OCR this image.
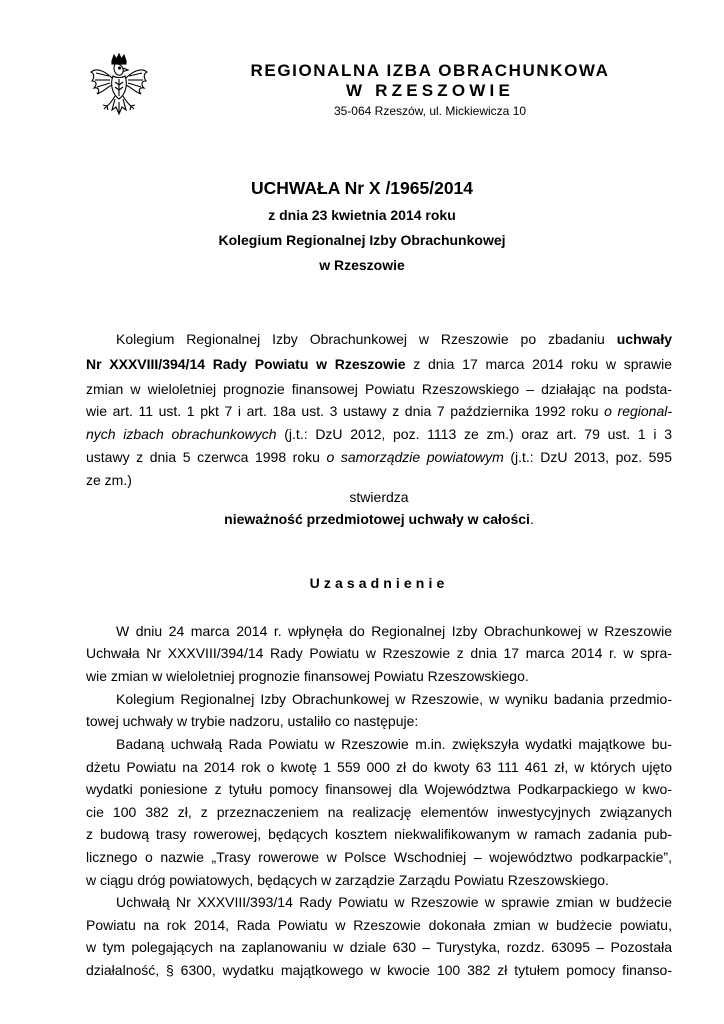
REGIONALNA IZBA OBRACHUNKOWA
W RZESZOWIE
35-064 Rzeszów, ul. Mickiewicza 10
UCHWAŁA Nr X /1965/2014
z dnia 23 kwietnia 2014 roku
Kolegium Regionalnej Izby Obrachunkowej
w Rzeszowie
Kolegium Regionalnej Izby Obrachunkowej w Rzeszowie po zbadaniu uchwały
Nr XXXVIII/394/14 Rady Powiatu w Rzeszowie z dnia 17 marca 2014 roku w sprawie
zmian w wieloletniej prognozie finansowej Powiatu Rzeszowskiego – działając na podsta-
wie art. 11 ust. 1 pkt 7 i art. 18a ust. 3 ustawy z dnia 7 października 1992 roku o regional-
nych izbach obrachunkowych (j.t.: DzU 2012, poz. 1113 ze zm.) oraz art. 79 ust. 1 i 3
ustawy z dnia 5 czerwca 1998 roku o samorządzie powiatowym (j.t.: DzU 2013, poz. 595
ze zm.)
stwierdza
nieważność przedmiotowej uchwały w całości.
Uzasadnienie
W dniu 24 marca 2014 r. wpłynęła do Regionalnej Izby Obrachunkowej w Rzeszowie
Uchwała Nr XXXVIII/394/14 Rady Powiatu w Rzeszowie z dnia 17 marca 2014 r. w spra-
wie zmian w wieloletniej prognozie finansowej Powiatu Rzeszowskiego.
Kolegium Regionalnej Izby Obrachunkowej w Rzeszowie, w wyniku badania przedmio-
towej uchwały w trybie nadzoru, ustaliło co następuje:
Badaną uchwałą Rada Powiatu w Rzeszowie m.in. zwiększyła wydatki majątkowe bu-
dżetu Powiatu na 2014 rok o kwotę 1 559 000 zł do kwoty 63 111 461 zł, w których ujęto
wydatki poniesione z tytułu pomocy finansowej dla Województwa Podkarpackiego w kwo-
cie 100 382 zł, z przeznaczeniem na realizację elementów inwestycyjnych związanych
z budową trasy rowerowej, będących kosztem niekwalifikowanym w ramach zadania pub-
licznego o nazwie „Trasy rowerowe w Polsce Wschodniej – województwo podkarpackie”,
w ciągu dróg powiatowych, będących w zarządzie Zarządu Powiatu Rzeszowskiego.
Uchwałą Nr XXXVIII/393/14 Rady Powiatu w Rzeszowie w sprawie zmian w budżecie
Powiatu na rok 2014, Rada Powiatu w Rzeszowie dokonała zmian w budżecie powiatu,
w tym polegających na zaplanowaniu w dziale 630 – Turystyka, rozdz. 63095 – Pozostała
działalność, § 6300, wydatku majątkowego w kwocie 100 382 zł tytułem pomocy finanso-
